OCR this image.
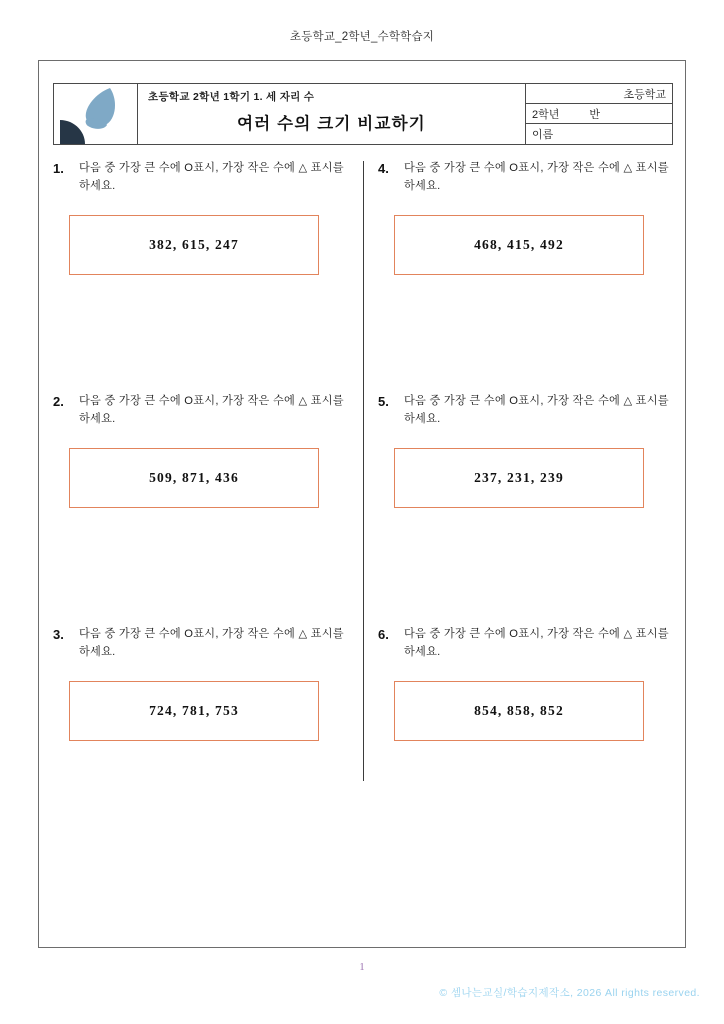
초등학교_2학년_수학학습지
초등학교 2학년 1학기 1. 세 자리 수
여러 수의 크기 비교하기
초등학교
2학년	반
이름
1.	다음 중 가장 큰 수에 O표시, 가장 작은 수에 △ 표시를 하세요.
382, 615, 247
2.	다음 중 가장 큰 수에 O표시, 가장 작은 수에 △ 표시를 하세요.
509, 871, 436
3.	다음 중 가장 큰 수에 O표시, 가장 작은 수에 △ 표시를 하세요.
724, 781, 753
4.	다음 중 가장 큰 수에 O표시, 가장 작은 수에 △ 표시를 하세요.
468, 415, 492
5.	다음 중 가장 큰 수에 O표시, 가장 작은 수에 △ 표시를 하세요.
237, 231, 239
6.	다음 중 가장 큰 수에 O표시, 가장 작은 수에 △ 표시를 하세요.
854, 858, 852
1
© 셈나는교실/학습지제작소, 2026 All rights reserved.
